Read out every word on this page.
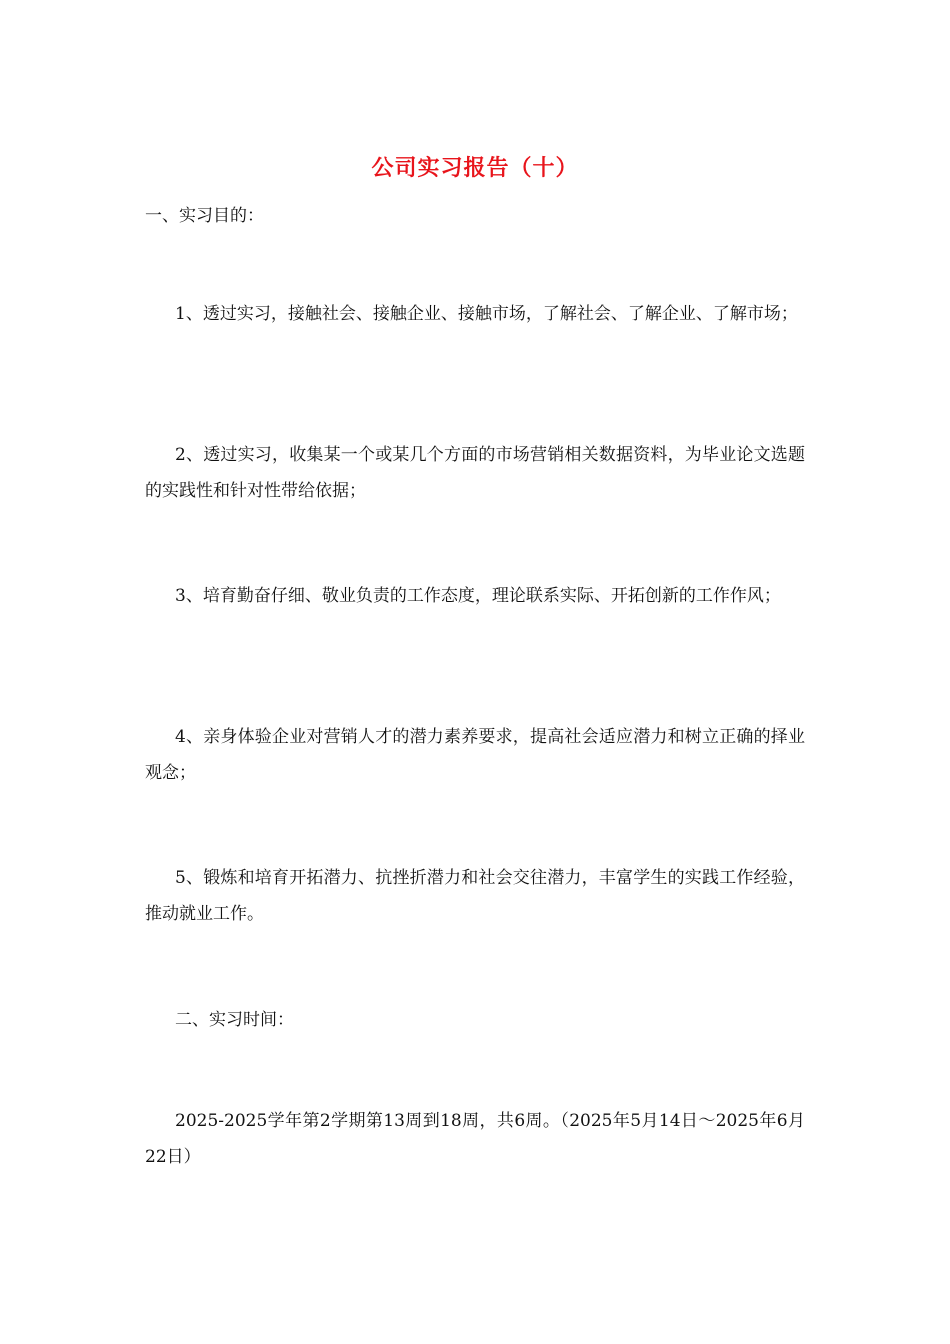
公司实习报告（十）
一、实习目的：
1、透过实习，接触社会、接触企业、接触市场，了解社会、了解企业、了解市场；
2、透过实习，收集某一个或某几个方面的市场营销相关数据资料，为毕业论文选题的实践性和针对性带给依据；
3、培育勤奋仔细、敬业负责的工作态度，理论联系实际、开拓创新的工作作风；
4、亲身体验企业对营销人才的潜力素养要求，提高社会适应潜力和树立正确的择业观念；
5、锻炼和培育开拓潜力、抗挫折潜力和社会交往潜力，丰富学生的实践工作经验，推动就业工作。
二、实习时间：
2025-2025学年第2学期第13周到18周，共6周。（2025年5月14日～2025年6月22日）
